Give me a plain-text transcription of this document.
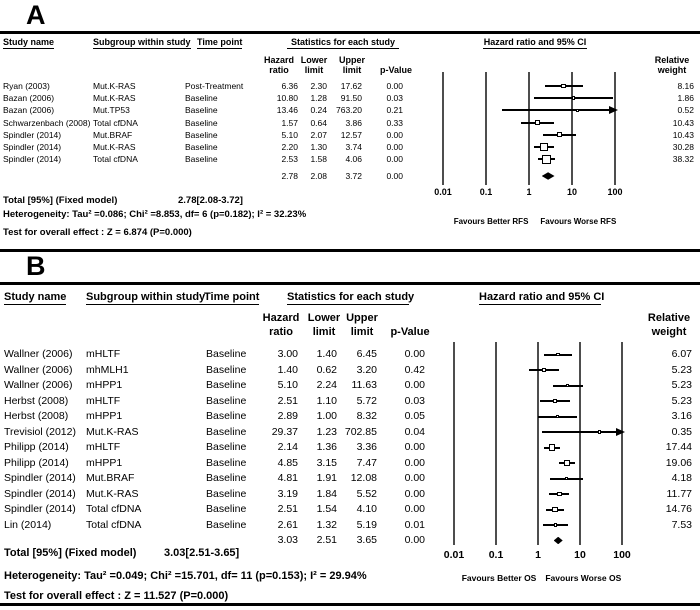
A
Study name	Subgroup within study Time point	Statistics for each study	Hazard ratio and 95% CI
Hazard
ratio
Lower
limit
Upper
limit	p-Value
Relative
weight
Total [95%] (Fixed model)	2.78[2.08-3.72]
Heterogeneity: Tau² =0.086; Chi² =8.853, df= 6 (p=0.182); I² = 32.23%
Test for overall effect : Z = 6.874 (P=0.000)
Favours Better RFS Favours Worse RFS
B
Study name Subgroup within study
Time point	Statistics for each study	Hazard ratio and 95% CI
Hazard
ratio
Lower
limit
Upper
limit	p-Value
Relative
weight
Total [95%] (Fixed model)	3.03[2.51-3.65]
Heterogeneity: Tau² =0.049; Chi² =15.701, df= 11 (p=0.153); I² = 29.94%
Test for overall effect : Z = 11.527 (P=0.000)
Favours Better OS Favours Worse OS
0.01	0.1	1	10	100
Ryan (2003)	Mut.K-RAS	Post-Treatment	6.36	2.30	17.62	0.00	8.16
Bazan (2006)	Mut.K-RAS	Baseline	10.80	1.28	91.50	0.03	1.86
Bazan (2006)	Mut.TP53	Baseline	13.46	0.24	763.20	0.21	0.52
Schwarzenbach (2008) Total cfDNA	Baseline	1.57	0.64	3.86	0.33	10.43
Spindler (2014)	Mut.BRAF	Baseline	5.10	2.07	12.57	0.00	10.43
Spindler (2014)	Mut.K-RAS	Baseline	2.20	1.30	3.74	0.00	30.28
Spindler (2014)	Total cfDNA	Baseline	2.53	1.58	4.06	0.00	38.32
2.78	2.08	3.72	0.00
0.01	0.1	1	10	100
Wallner (2006) mHLTF	Baseline	3.00	1.40	6.45	0.00	6.07
Wallner (2006) mhMLH1	Baseline	1.40	0.62	3.20	0.42	5.23
Wallner (2006) mHPP1	Baseline	5.10	2.24	11.63	0.00	5.23
Herbst (2008) mHLTF	Baseline	2.51	1.10	5.72	0.03	5.23
Herbst (2008) mHPP1	Baseline	2.89	1.00	8.32	0.05	3.16
Trevisiol (2012) Mut.K-RAS	Baseline	29.37	1.23 702.85	0.04	0.35
Philipp (2014) mHLTF	Baseline	2.14	1.36	3.36	0.00	17.44
Philipp (2014) mHPP1	Baseline	4.85	3.15	7.47	0.00	19.06
Spindler (2014) Mut.BRAF	Baseline	4.81	1.91	12.08	0.00	4.18
Spindler (2014) Mut.K-RAS	Baseline	3.19	1.84	5.52	0.00	11.77
Spindler (2014) Total cfDNA	Baseline	2.51	1.54	4.10	0.00	14.76
Lin (2014)	Total cfDNA	Baseline	2.61	1.32	5.19	0.01	7.53
3.03	2.51	3.65	0.00
